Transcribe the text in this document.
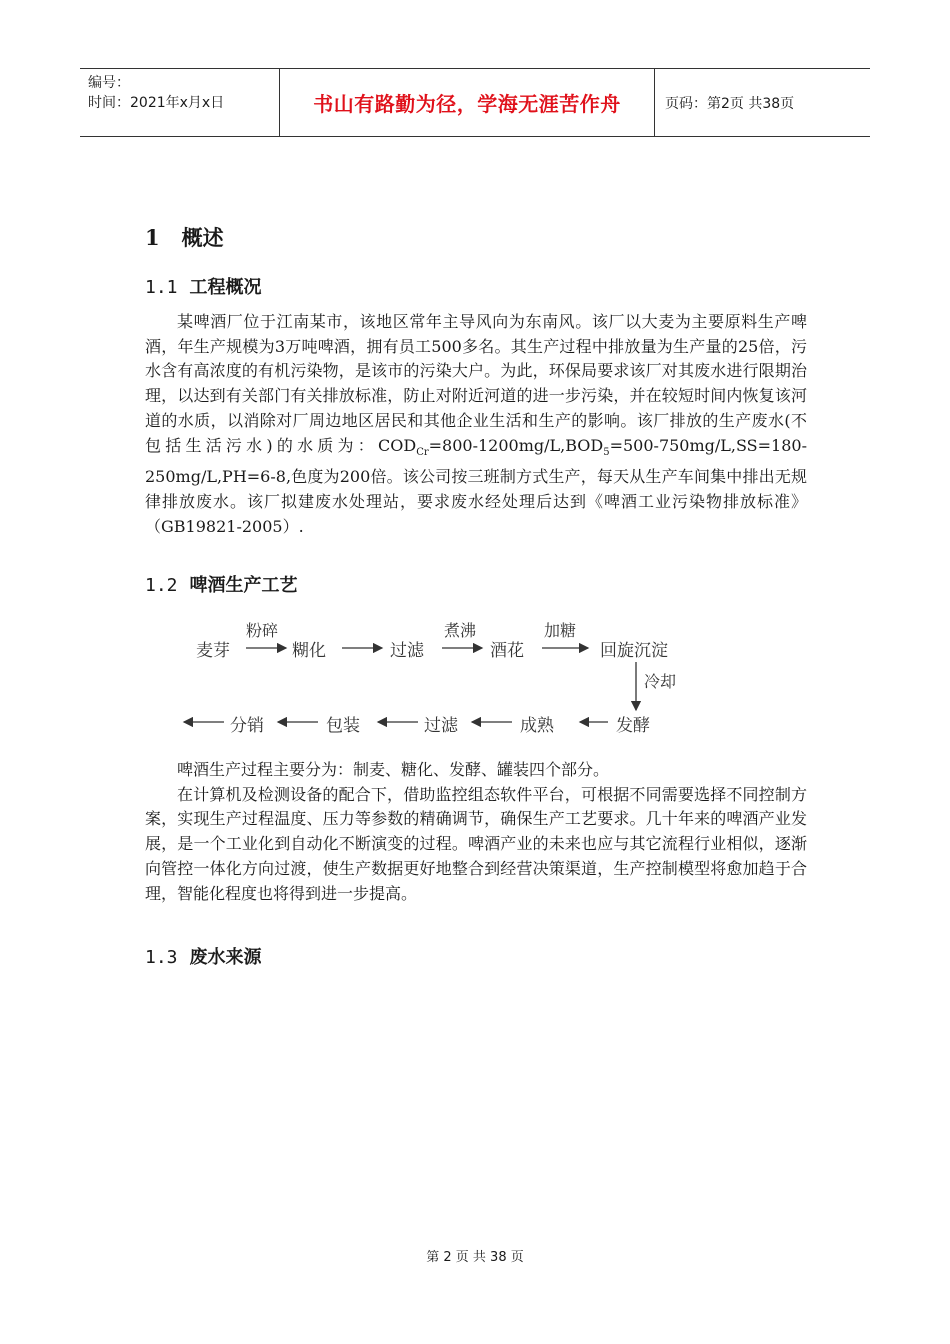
编号：
时间：2021年x月x日	书山有路勤为径，学海无涯苦作舟	页码：第2页 共38页
1 概述
1.1 工程概况

某啤酒厂位于江南某市，该地区常年主导风向为东南风。该厂以大麦为主要原料生产啤酒，年生产规模为3万吨啤酒，拥有员工500多名。其生产过程中排放量为生产量的25倍，污水含有高浓度的有机污染物，是该市的污染大户。为此，环保局要求该厂对其废水进行限期治理，以达到有关部门有关排放标准，防止对附近河道的进一步污染，并在较短时间内恢复该河道的水质，以消除对厂周边地区居民和其他企业生活和生产的影响。该厂排放的生产废水(不包括生活污水)的水质为：$COD_{Cr}=800-1200mg/L,BOD_5=500-750mg/L,SS=180-250mg/L,PH=6-8$,色度为200倍。该公司按三班制方式生产，每天从生产车间集中排出无规律排放废水。该厂拟建废水处理站，要求废水经处理后达到《啤酒工业污染物排放标准》（GB19821-2005）.

1.2 啤酒生产工艺
麦芽	糊化	过滤	酒花	回旋沉淀
粉碎	煮沸	加糖
冷却
分销	包装	过滤	成熟	发酵

啤酒生产过程主要分为：制麦、糖化、发酵、罐装四个部分。

在计算机及检测设备的配合下，借助监控组态软件平台，可根据不同需要选择不同控制方案，实现生产过程温度、压力等参数的精确调节，确保生产工艺要求。几十年来的啤酒产业发展，是一个工业化到自动化不断演变的过程。啤酒产业的未来也应与其它流程行业相似，逐渐向管控一体化方向过渡，使生产数据更好地整合到经营决策渠道，生产控制模型将愈加趋于合理，智能化程度也将得到进一步提高。

1.3 废水来源
第 2 页 共 38 页
